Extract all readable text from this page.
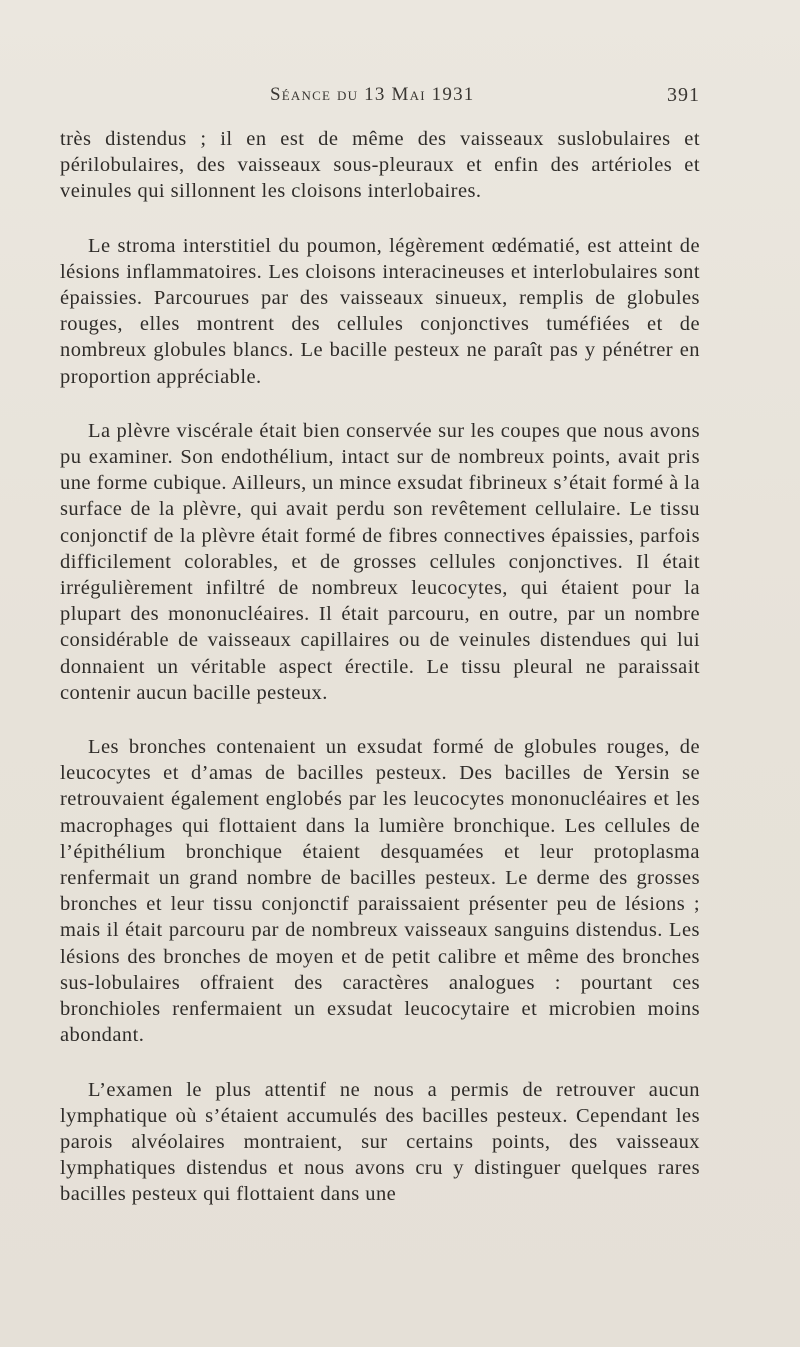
Séance du 13 Mai 1931	391

très distendus ; il en est de même des vaisseaux suslobulaires et périlobulaires, des vaisseaux sous-pleuraux et enfin des artérioles et veinules qui sillonnent les cloisons interlobaires.

Le stroma interstitiel du poumon, légèrement œdématié, est atteint de lésions inflammatoires. Les cloisons interacineuses et interlobulaires sont épaissies. Parcourues par des vaisseaux sinueux, remplis de globules rouges, elles montrent des cellules conjonctives tuméfiées et de nombreux globules blancs. Le bacille pesteux ne paraît pas y pénétrer en proportion appréciable.

La plèvre viscérale était bien conservée sur les coupes que nous avons pu examiner. Son endothélium, intact sur de nombreux points, avait pris une forme cubique. Ailleurs, un mince exsudat fibrineux s’était formé à la surface de la plèvre, qui avait perdu son revêtement cellulaire. Le tissu conjonctif de la plèvre était formé de fibres connectives épaissies, parfois difficilement colorables, et de grosses cellules conjonctives. Il était irrégulièrement infiltré de nombreux leucocytes, qui étaient pour la plupart des mononucléaires. Il était parcouru, en outre, par un nombre considérable de vaisseaux capillaires ou de veinules distendues qui lui donnaient un véritable aspect érectile. Le tissu pleural ne paraissait contenir aucun bacille pesteux.

Les bronches contenaient un exsudat formé de globules rouges, de leucocytes et d’amas de bacilles pesteux. Des bacilles de Yersin se retrouvaient également englobés par les leucocytes mononucléaires et les macrophages qui flottaient dans la lumière bronchique. Les cellules de l’épithélium bronchique étaient desquamées et leur protoplasma renfermait un grand nombre de bacilles pesteux. Le derme des grosses bronches et leur tissu conjonctif paraissaient présenter peu de lésions ; mais il était parcouru par de nombreux vaisseaux sanguins distendus. Les lésions des bronches de moyen et de petit calibre et même des bronches sus-lobulaires offraient des caractères analogues : pourtant ces bronchioles renfermaient un exsudat leucocytaire et microbien moins abondant.

L’examen le plus attentif ne nous a permis de retrouver aucun lymphatique où s’étaient accumulés des bacilles pesteux. Cependant les parois alvéolaires montraient, sur certains points, des vaisseaux lymphatiques distendus et nous avons cru y distinguer quelques rares bacilles pesteux qui flottaient dans une
